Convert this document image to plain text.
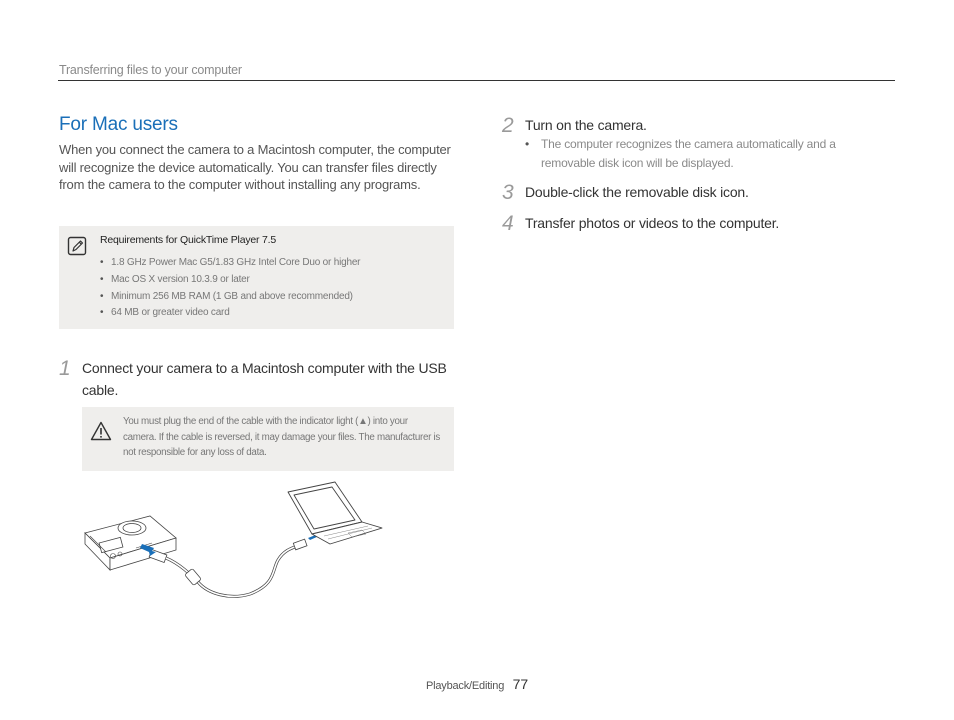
Transferring files to your computer
For Mac users

When you connect the camera to a Macintosh computer, the computer will recognize the device automatically. You can transfer files directly from the camera to the computer without installing any programs.

Requirements for QuickTime Player 7.5
• 1.8 GHz Power Mac G5/1.83 GHz Intel Core Duo or higher
• Mac OS X version 10.3.9 or later
• Minimum 256 MB RAM (1 GB and above recommended)
• 64 MB or greater video card
1 Connect your camera to a Macintosh computer with the USB cable.

You must plug the end of the cable with the indicator light (▲) into your camera. If the cable is reversed, it may damage your files. The manufacturer is not responsible for any loss of data.

2 Turn on the camera.
• The computer recognizes the camera automatically and a removable disk icon will be displayed.
3 Double-click the removable disk icon.
4 Transfer photos or videos to the computer.
Playback/Editing 77
